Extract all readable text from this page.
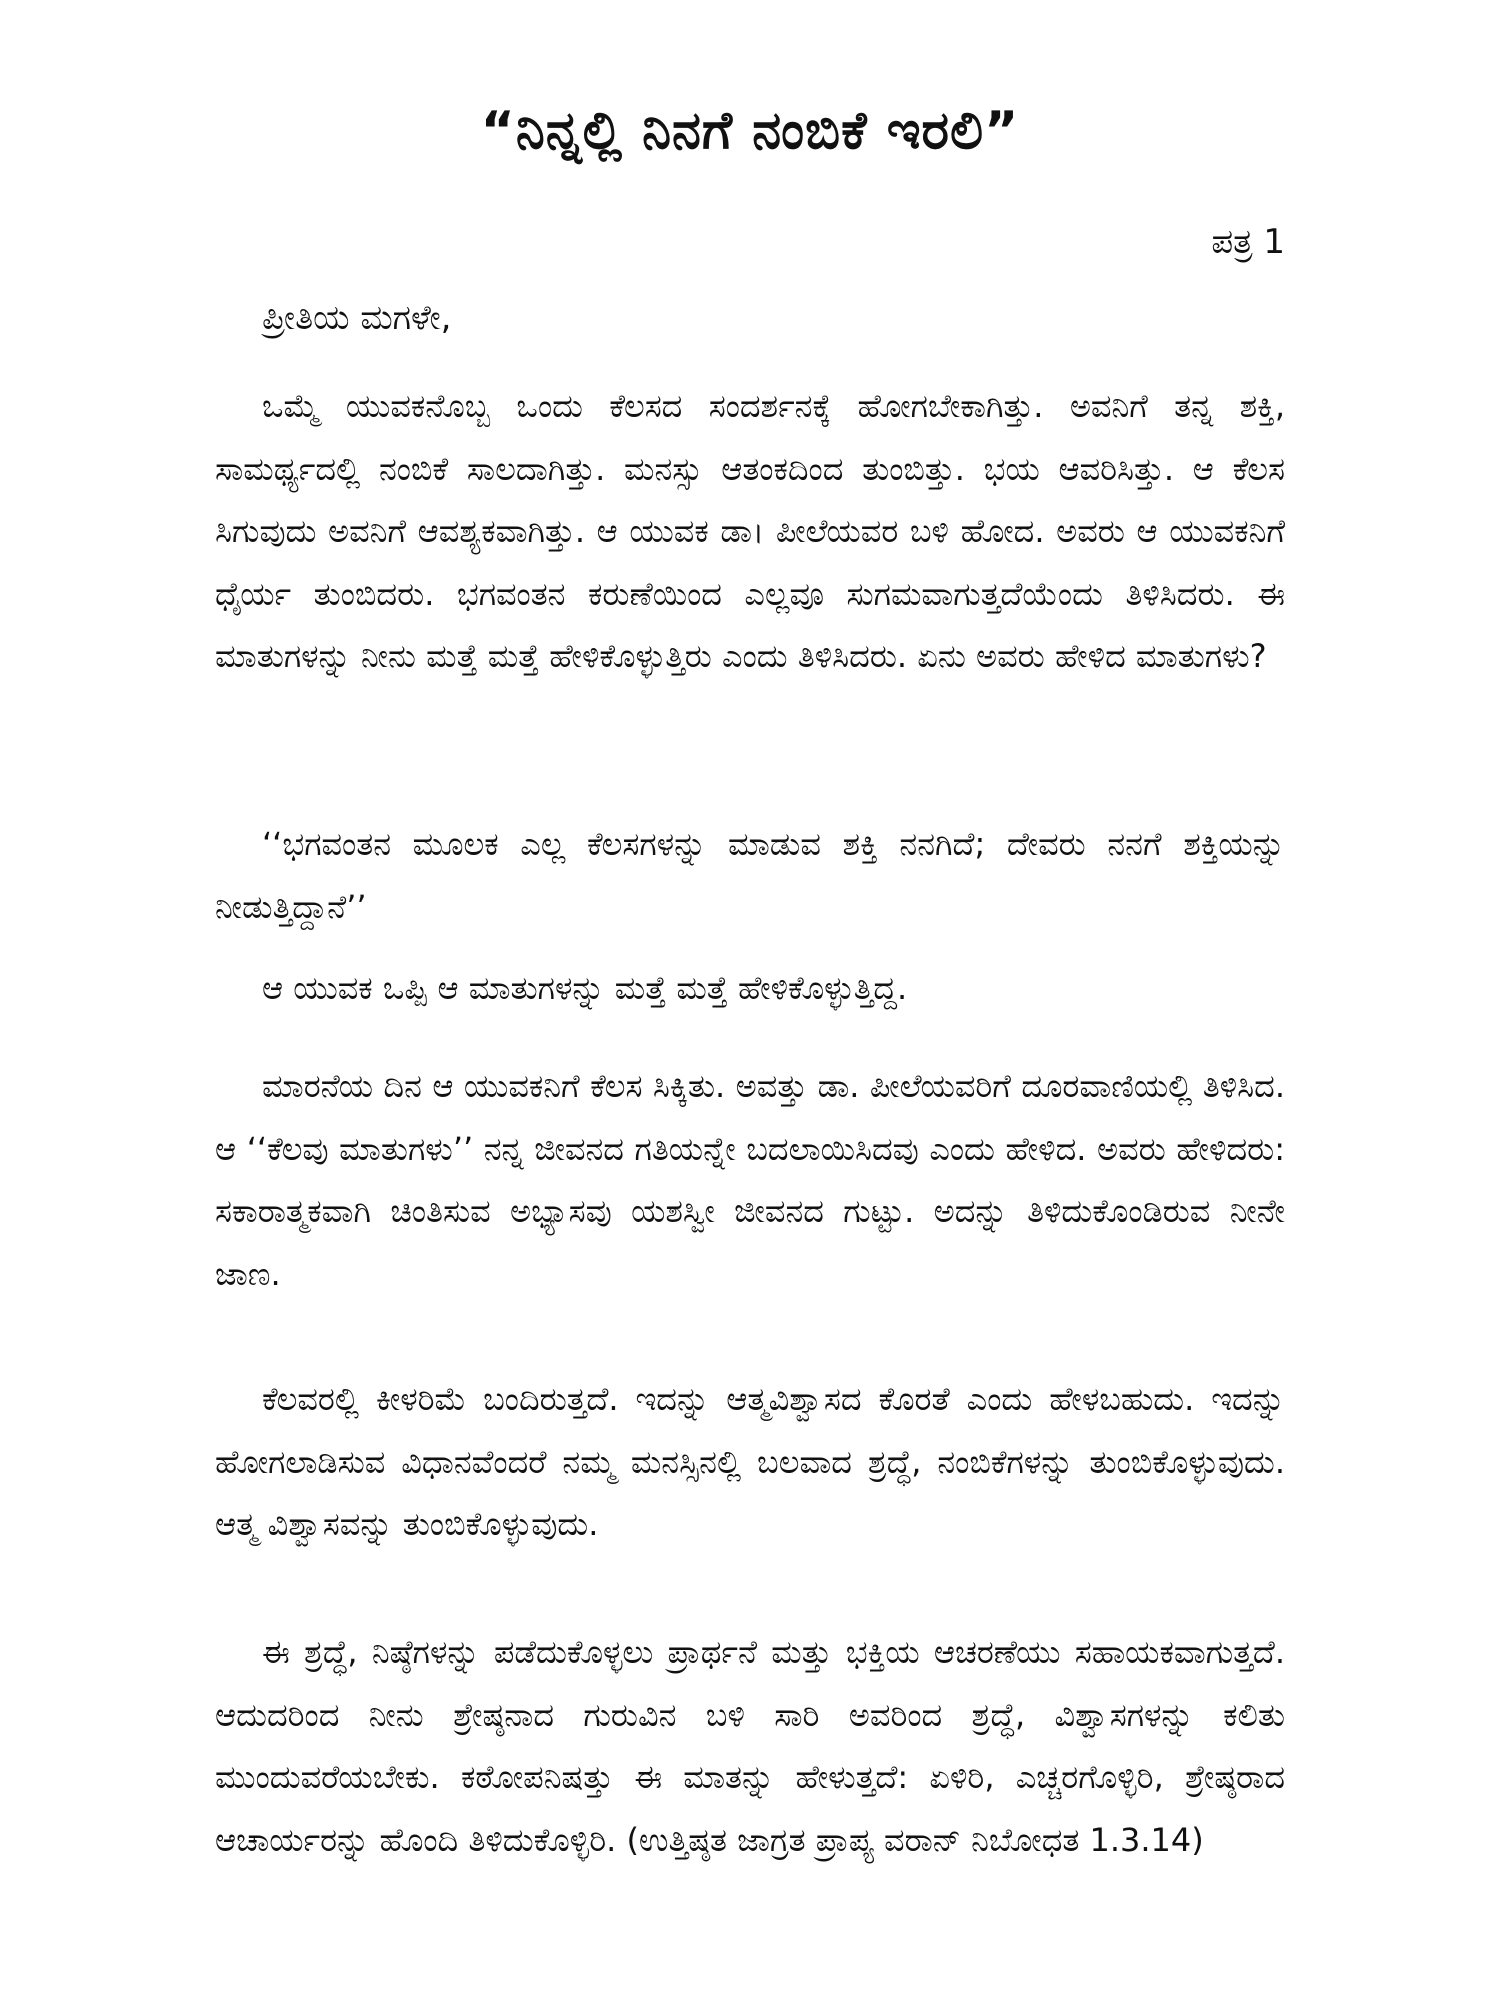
“ನಿನ್ನಲ್ಲಿ ನಿನಗೆ ನಂಬಿಕೆ ಇರಲಿ”
ಪತ್ರ 1
ಪ್ರೀತಿಯ ಮಗಳೇ,

ಒಮ್ಮೆ ಯುವಕನೊಬ್ಬ ಒಂದು ಕೆಲಸದ ಸಂದರ್ಶನಕ್ಕೆ ಹೋಗಬೇಕಾಗಿತ್ತು. ಅವನಿಗೆ ತನ್ನ ಶಕ್ತಿ, ಸಾಮರ್ಥ್ಯದಲ್ಲಿ ನಂಬಿಕೆ ಸಾಲದಾಗಿತ್ತು. ಮನಸ್ಸು ಆತಂಕದಿಂದ ತುಂಬಿತ್ತು. ಭಯ ಆವರಿಸಿತ್ತು. ಆ ಕೆಲಸ ಸಿಗುವುದು ಅವನಿಗೆ ಆವಶ್ಯಕವಾಗಿತ್ತು. ಆ ಯುವಕ ಡಾ। ಪೀಲೆಯವರ ಬಳಿ ಹೋದ. ಅವರು ಆ ಯುವಕನಿಗೆ ಧೈರ್ಯ ತುಂಬಿದರು. ಭಗವಂತನ ಕರುಣೆಯಿಂದ ಎಲ್ಲವೂ ಸುಗಮವಾಗುತ್ತದೆಯೆಂದು ತಿಳಿಸಿದರು. ಈ ಮಾತುಗಳನ್ನು ನೀನು ಮತ್ತೆ ಮತ್ತೆ ಹೇಳಿಕೊಳ್ಳುತ್ತಿರು ಎಂದು ತಿಳಿಸಿದರು. ಏನು ಅವರು ಹೇಳಿದ ಮಾತುಗಳು?

‘‘ಭಗವಂತನ ಮೂಲಕ ಎಲ್ಲ ಕೆಲಸಗಳನ್ನು ಮಾಡುವ ಶಕ್ತಿ ನನಗಿದೆ; ದೇವರು ನನಗೆ ಶಕ್ತಿಯನ್ನು ನೀಡುತ್ತಿದ್ದಾನೆ’’

ಆ ಯುವಕ ಒಪ್ಪಿ ಆ ಮಾತುಗಳನ್ನು ಮತ್ತೆ ಮತ್ತೆ ಹೇಳಿಕೊಳ್ಳುತ್ತಿದ್ದ.

ಮಾರನೆಯ ದಿನ ಆ ಯುವಕನಿಗೆ ಕೆಲಸ ಸಿಕ್ಕಿತು. ಅವತ್ತು ಡಾ. ಪೀಲೆಯವರಿಗೆ ದೂರವಾಣಿಯಲ್ಲಿ ತಿಳಿಸಿದ. ಆ ‘‘ಕೆಲವು ಮಾತುಗಳು’’ ನನ್ನ ಜೀವನದ ಗತಿಯನ್ನೇ ಬದಲಾಯಿಸಿದವು ಎಂದು ಹೇಳಿದ. ಅವರು ಹೇಳಿದರು: ಸಕಾರಾತ್ಮಕವಾಗಿ ಚಿಂತಿಸುವ ಅಭ್ಯಾಸವು ಯಶಸ್ವೀ ಜೀವನದ ಗುಟ್ಟು. ಅದನ್ನು ತಿಳಿದುಕೊಂಡಿರುವ ನೀನೇ ಜಾಣ.

ಕೆಲವರಲ್ಲಿ ಕೀಳರಿಮೆ ಬಂದಿರುತ್ತದೆ. ಇದನ್ನು ಆತ್ಮವಿಶ್ವಾಸದ ಕೊರತೆ ಎಂದು ಹೇಳಬಹುದು. ಇದನ್ನು ಹೋಗಲಾಡಿಸುವ ವಿಧಾನವೆಂದರೆ ನಮ್ಮ ಮನಸ್ಸಿನಲ್ಲಿ ಬಲವಾದ ಶ್ರದ್ಧೆ, ನಂಬಿಕೆಗಳನ್ನು ತುಂಬಿಕೊಳ್ಳುವುದು. ಆತ್ಮ ವಿಶ್ವಾಸವನ್ನು ತುಂಬಿಕೊಳ್ಳುವುದು.

ಈ ಶ್ರದ್ಧೆ, ನಿಷ್ಠೆಗಳನ್ನು ಪಡೆದುಕೊಳ್ಳಲು ಪ್ರಾರ್ಥನೆ ಮತ್ತು ಭಕ್ತಿಯ ಆಚರಣೆಯು ಸಹಾಯಕವಾಗುತ್ತದೆ. ಆದುದರಿಂದ ನೀನು ಶ್ರೇಷ್ಠನಾದ ಗುರುವಿನ ಬಳಿ ಸಾರಿ ಅವರಿಂದ ಶ್ರದ್ಧೆ, ವಿಶ್ವಾಸಗಳನ್ನು ಕಲಿತು ಮುಂದುವರೆಯಬೇಕು. ಕಠೋಪನಿಷತ್ತು ಈ ಮಾತನ್ನು ಹೇಳುತ್ತದೆ: ಏಳಿರಿ, ಎಚ್ಚರಗೊಳ್ಳಿರಿ, ಶ್ರೇಷ್ಠರಾದ ಆಚಾರ್ಯರನ್ನು ಹೊಂದಿ ತಿಳಿದುಕೊಳ್ಳಿರಿ. (ಉತ್ತಿಷ್ಠತ ಜಾಗ್ರತ ಪ್ರಾಪ್ಯ ವರಾನ್ ನಿಬೋಧತ 1.3.14)
